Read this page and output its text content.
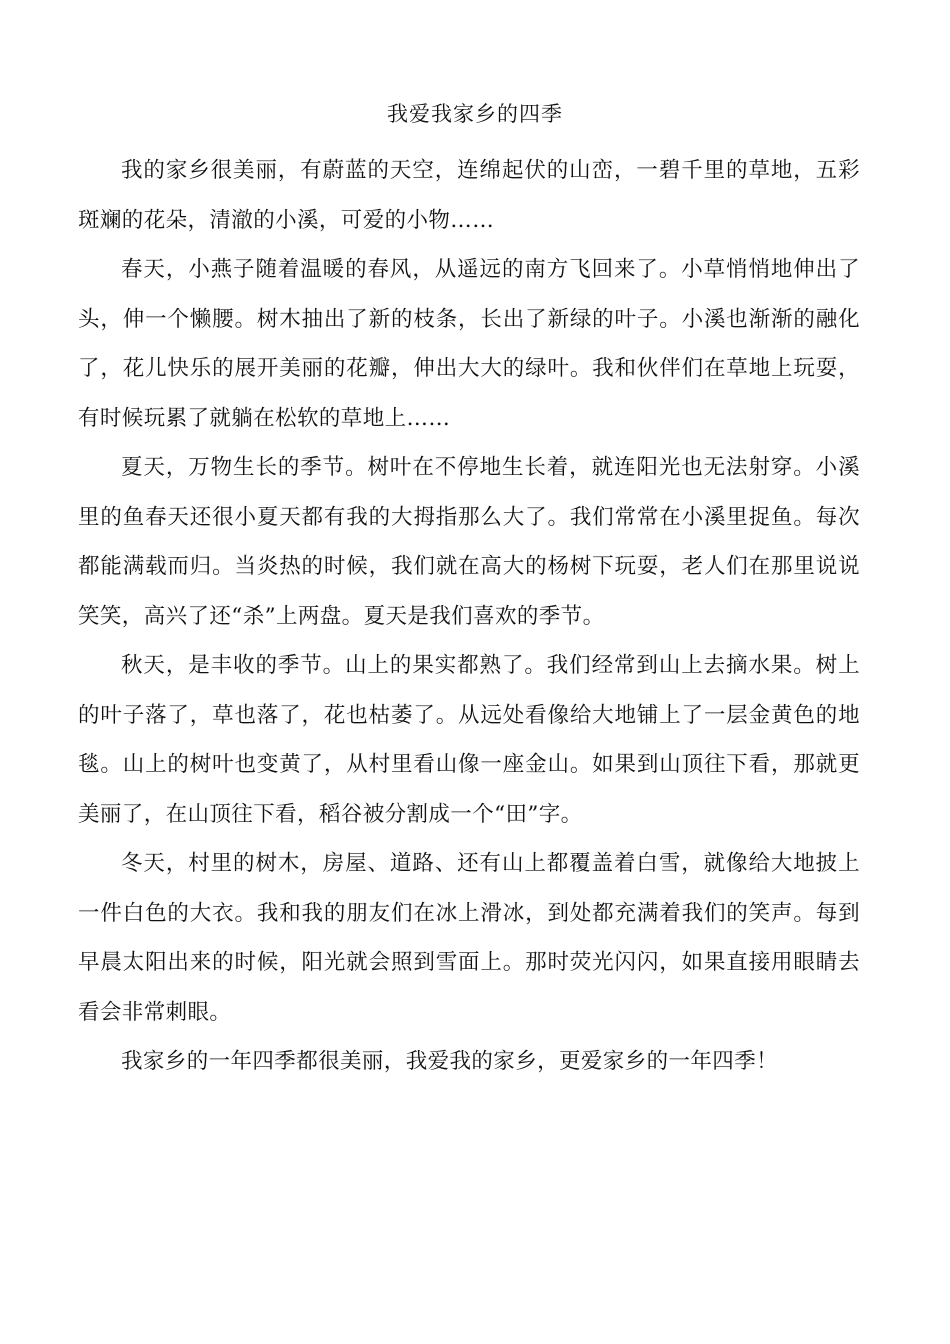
我爱我家乡的四季

我的家乡很美丽，有蔚蓝的天空，连绵起伏的山峦，一碧千里的草地，五彩斑斓的花朵，清澈的小溪，可爱的小物……

春天，小燕子随着温暖的春风，从遥远的南方飞回来了。小草悄悄地伸出了头，伸一个懒腰。树木抽出了新的枝条，长出了新绿的叶子。小溪也渐渐的融化了，花儿快乐的展开美丽的花瓣，伸出大大的绿叶。我和伙伴们在草地上玩耍，有时候玩累了就躺在松软的草地上……

夏天，万物生长的季节。树叶在不停地生长着，就连阳光也无法射穿。小溪里的鱼春天还很小夏天都有我的大拇指那么大了。我们常常在小溪里捉鱼。每次都能满载而归。当炎热的时候，我们就在高大的杨树下玩耍，老人们在那里说说笑笑，高兴了还“杀”上两盘。夏天是我们喜欢的季节。

秋天，是丰收的季节。山上的果实都熟了。我们经常到山上去摘水果。树上的叶子落了，草也落了，花也枯萎了。从远处看像给大地铺上了一层金黄色的地毯。山上的树叶也变黄了，从村里看山像一座金山。如果到山顶往下看，那就更美丽了，在山顶往下看，稻谷被分割成一个“田”字。

冬天，村里的树木，房屋、道路、还有山上都覆盖着白雪，就像给大地披上一件白色的大衣。我和我的朋友们在冰上滑冰，到处都充满着我们的笑声。每到早晨太阳出来的时候，阳光就会照到雪面上。那时荧光闪闪，如果直接用眼睛去看会非常刺眼。

我家乡的一年四季都很美丽，我爱我的家乡，更爱家乡的一年四季！
